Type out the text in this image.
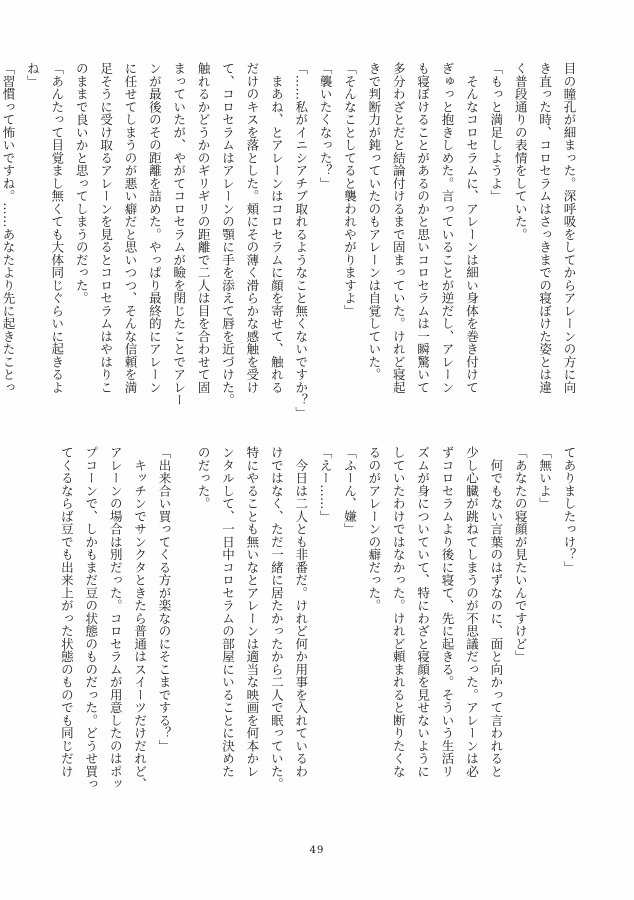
目の瞳孔が細まった。深呼吸をしてからアレーンの方に向
き直った時、コロセラムはさっきまでの寝ぼけた姿とは違
く普段通りの表情をしていた。
「もっと満足しようよ」
　そんなコロセラムに、アレーンは細い身体を巻き付けて
ぎゅっと抱きしめた。言っていることが逆だし、アレーン
も寝ぼけることがあるのかと思いコロセラムは一瞬驚いて
多分わざとだと結論付けるまで固まっていた。けれど寝起
きで判断力が鈍っていたのもアレーンは自覚していた。
「そんなことしてると襲われやがりますよ」
「襲いたくなった？」
「……私がイニシアチブ取れるようなこと無くないですか？」
　まあね、とアレーンはコロセラムに顔を寄せて、触れる
だけのキスを落とした。頬にその薄く滑らかな感触を受け
て、コロセラムはアレーンの顎に手を添えて唇を近づけた。
触れるかどうかのギリギリの距離で二人は目を合わせて固
まっていたが、やがてコロセラムが瞼を閉じたことでアレー
ンが最後のその距離を詰めた。やっぱり最終的にアレーン
に任せてしまうのが悪い癖だと思いつつ、そんな信頼を満
足そうに受け取るアレーンを見るとコロセラムはやはりこ
のままで良いかと思ってしまうのだった。
「あんたって目覚まし無くても大体同じぐらいに起きるよ
ね」
「習慣って怖いですね。……あなたより先に起きたことっ
てありましたっけ？」
「無いよ」
「あなたの寝顔が見たいんですけど」
　何でもない言葉のはずなのに、面と向かって言われると
少し心臓が跳ねてしまうのが不思議だった。アレーンは必
ずコロセラムより後に寝て、先に起きる。そういう生活リ
ズムが身についていて、特にわざと寝顔を見せないように
していたわけではなかった。けれど頼まれると断りたくな
るのがアレーンの癖だった。
「ふーん、嫌」
「えー……」
　今日は二人とも非番だ。けれど何か用事を入れているわ
けではなく、ただ一緒に居たかったから二人で眠っていた。
特にやることも無いなとアレーンは適当な映画を何本かレ
ンタルして、一日中コロセラムの部屋にいることに決めた
のだった。
「出来合い買ってくる方が楽なのにそこまでする？」
　キッチンでサンクタときたら普通はスイーツだけだれど、
アレーンの場合は別だった。コロセラムが用意したのはポッ
プコーンで、しかもまだ豆の状態のものだった。どうせ買っ
てくるならば豆でも出来上がった状態のものでも同じだけ
49
